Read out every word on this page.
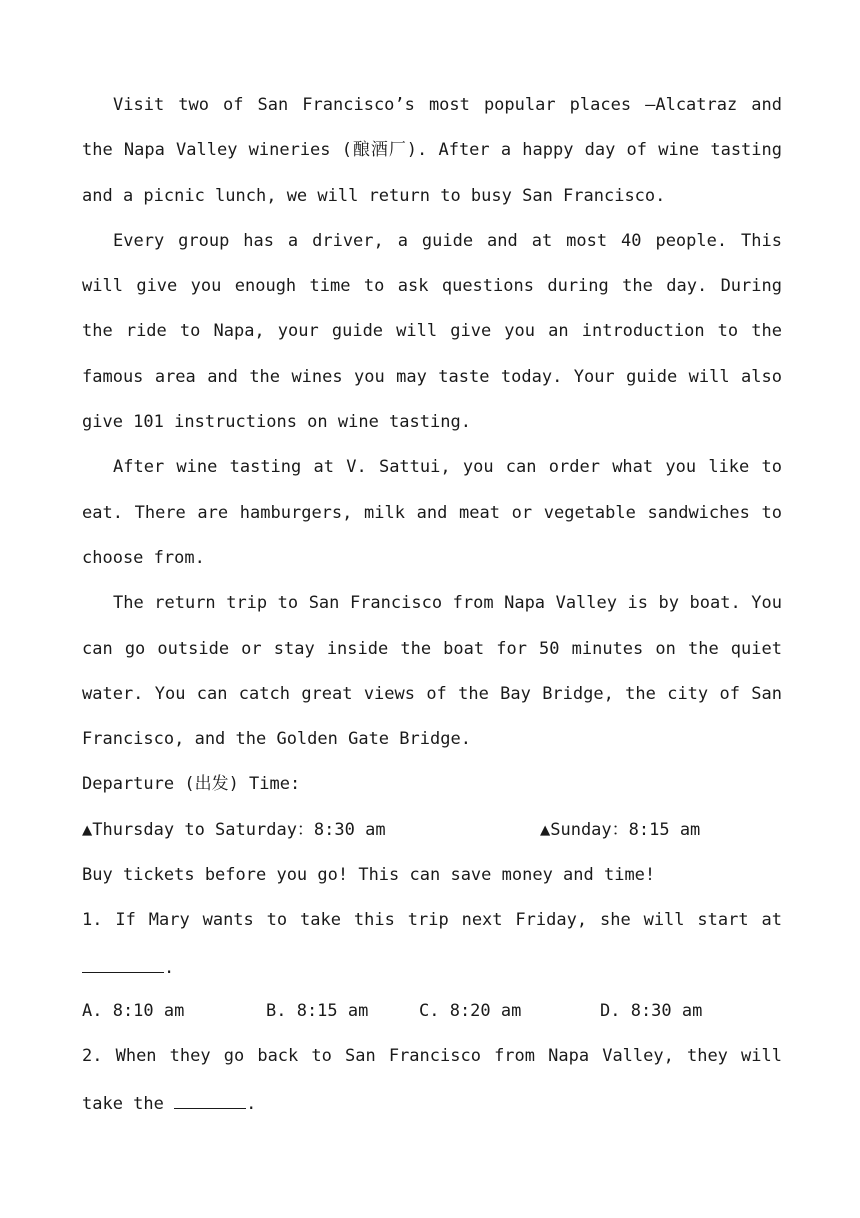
Visit two of San Francisco’s most popular places —Alcatraz and
the Napa Valley wineries (酿酒厂). After a happy day of wine tasting
and a picnic lunch, we will return to busy San Francisco.
Every group has a driver, a guide and at most 40 people. This
will give you enough time to ask questions during the day. During
the ride to Napa, your guide will give you an introduction to the
famous area and the wines you may taste today. Your guide will also
give 101 instructions on wine tasting.
After wine tasting at V. Sattui, you can order what you like to
eat. There are hamburgers, milk and meat or vegetable sandwiches to
choose from.
The return trip to San Francisco from Napa Valley is by boat. You
can go outside or stay inside the boat for 50 minutes on the quiet
water. You can catch great views of the Bay Bridge, the city of San
Francisco, and the Golden Gate Bridge.
Departure (出发) Time:
▲Thursday to Saturday：8:30 am	▲Sunday：8:15 am
Buy tickets before you go! This can save money and time!
1. If Mary wants to take this trip next Friday, she will start at
.
A. 8:10 am	B. 8:15 am	C. 8:20 am	D. 8:30 am
2. When they go back to San Francisco from Napa Valley, they will
take the	.
